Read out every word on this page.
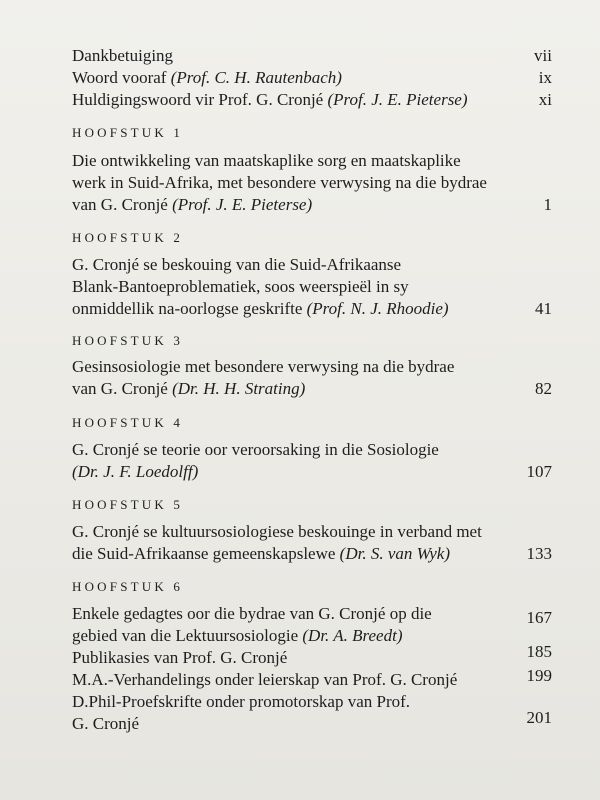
Dankbetuiging	vii
Woord vooraf (Prof. C. H. Rautenbach)	ix
Huldigingswoord vir Prof. G. Cronjé (Prof. J. E. Pieterse)	xi
HOOFSTUK 1
Die ontwikkeling van maatskaplike sorg en maatskaplike
werk in Suid-Afrika, met besondere verwysing na die bydrae
van G. Cronjé (Prof. J. E. Pieterse)	1
HOOFSTUK 2
G. Cronjé se beskouing van die Suid-Afrikaanse
Blank-Bantoeproblematiek, soos weerspieël in sy
onmiddellik na-oorlogse geskrifte (Prof. N. J. Rhoodie)	41
HOOFSTUK 3
Gesinsosiologie met besondere verwysing na die bydrae
van G. Cronjé (Dr. H. H. Strating)	82
HOOFSTUK 4
G. Cronjé se teorie oor veroorsaking in die Sosiologie
(Dr. J. F. Loedolff)	107
HOOFSTUK 5
G. Cronjé se kultuursosiologiese beskouinge in verband met
die Suid-Afrikaanse gemeenskapslewe (Dr. S. van Wyk)	133
HOOFSTUK 6
Enkele gedagtes oor die bydrae van G. Cronjé op die	167
gebied van die Lektuursosiologie (Dr. A. Breedt)
Publikasies van Prof. G. Cronjé	185
M.A.-Verhandelings onder leierskap van Prof. G. Cronjé	199
D.Phil-Proefskrifte onder promotorskap van Prof.
G. Cronjé	201
